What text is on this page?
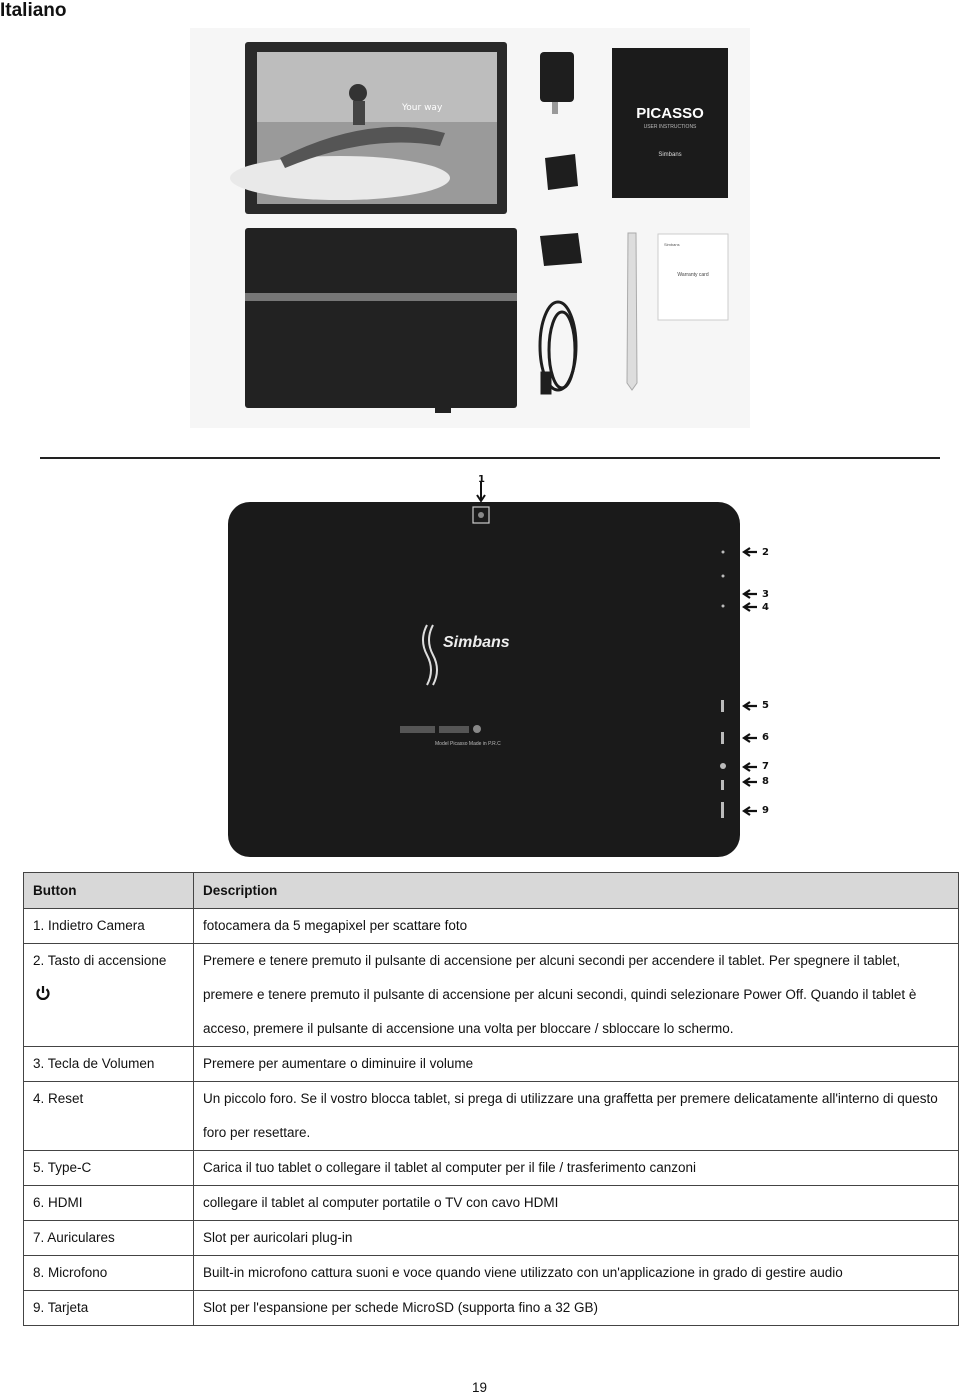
Italiano
Your way	PICASSO
USER INSTRUCTIONS
Simbans
Simbans
Warranty card
Simbans
Model Picasso Made in P.R.C
1
2
3
4
5
6
7
8
9
Button	Description
1. Indietro Camera	fotocamera da 5 megapixel per scattare foto
2. Tasto di accensione	Premere e tenere premuto il pulsante di accensione per alcuni secondi per accendere il tablet. Per spegnere il tablet, premere e tenere premuto il pulsante di accensione per alcuni secondi, quindi selezionare Power Off. Quando il tablet è acceso, premere il pulsante di accensione una volta per bloccare / sbloccare lo schermo.
3. Tecla de Volumen	Premere per aumentare o diminuire il volume
4. Reset	Un piccolo foro. Se il vostro blocca tablet, si prega di utilizzare una graffetta per premere delicatamente all'interno di questo foro per resettare.
5. Type-C	Carica il tuo tablet o collegare il tablet al computer per il file / trasferimento canzoni
6. HDMI	collegare il tablet al computer portatile o TV con cavo HDMI
7. Auriculares	Slot per auricolari plug-in
8. Microfono	Built-in microfono cattura suoni e voce quando viene utilizzato con un'applicazione in grado di gestire audio
9. Tarjeta	Slot per l'espansione per schede MicroSD (supporta fino a 32 GB)
19
